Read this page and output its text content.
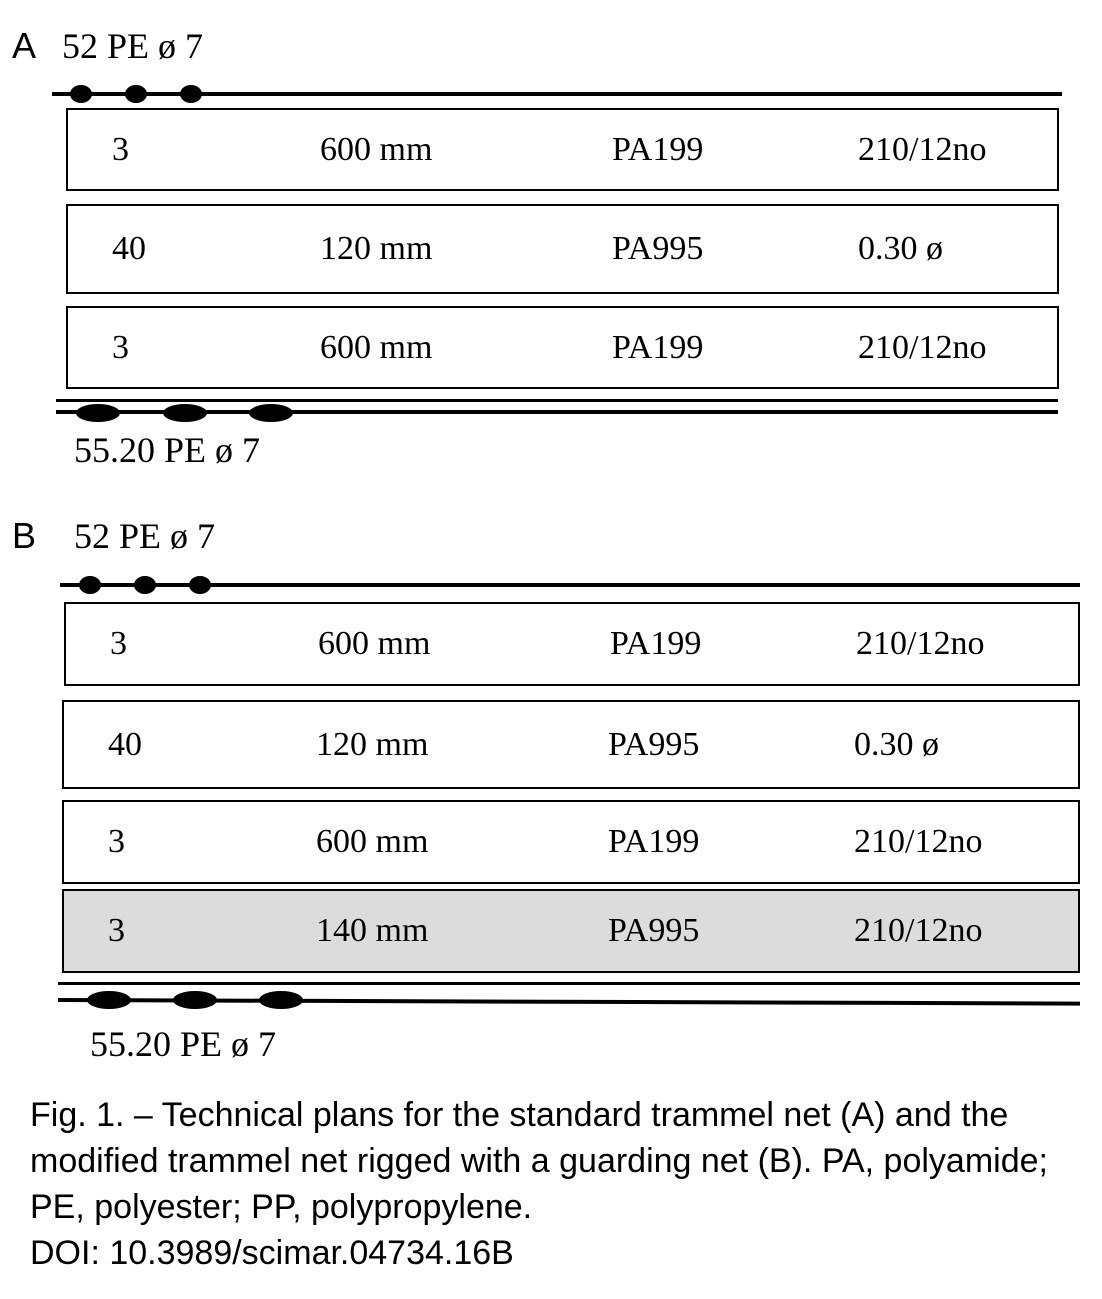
A 52 PE ø 7
3	600 mm	PA199	210/12no
40	120 mm	PA995	0.30 ø
3	600 mm	PA199	210/12no
55.20 PE ø 7
B 52 PE ø 7
3	600 mm	PA199	210/12no
40	120 mm	PA995	0.30 ø
3	600 mm	PA199	210/12no
3	140 mm	PA995	210/12no
55.20 PE ø 7

Fig. 1. – Technical plans for the standard trammel net (A) and the modified trammel net rigged with a guarding net (B). PA, polyamide; PE, polyester; PP, polypropylene.

DOI: 10.3989/scimar.04734.16B
